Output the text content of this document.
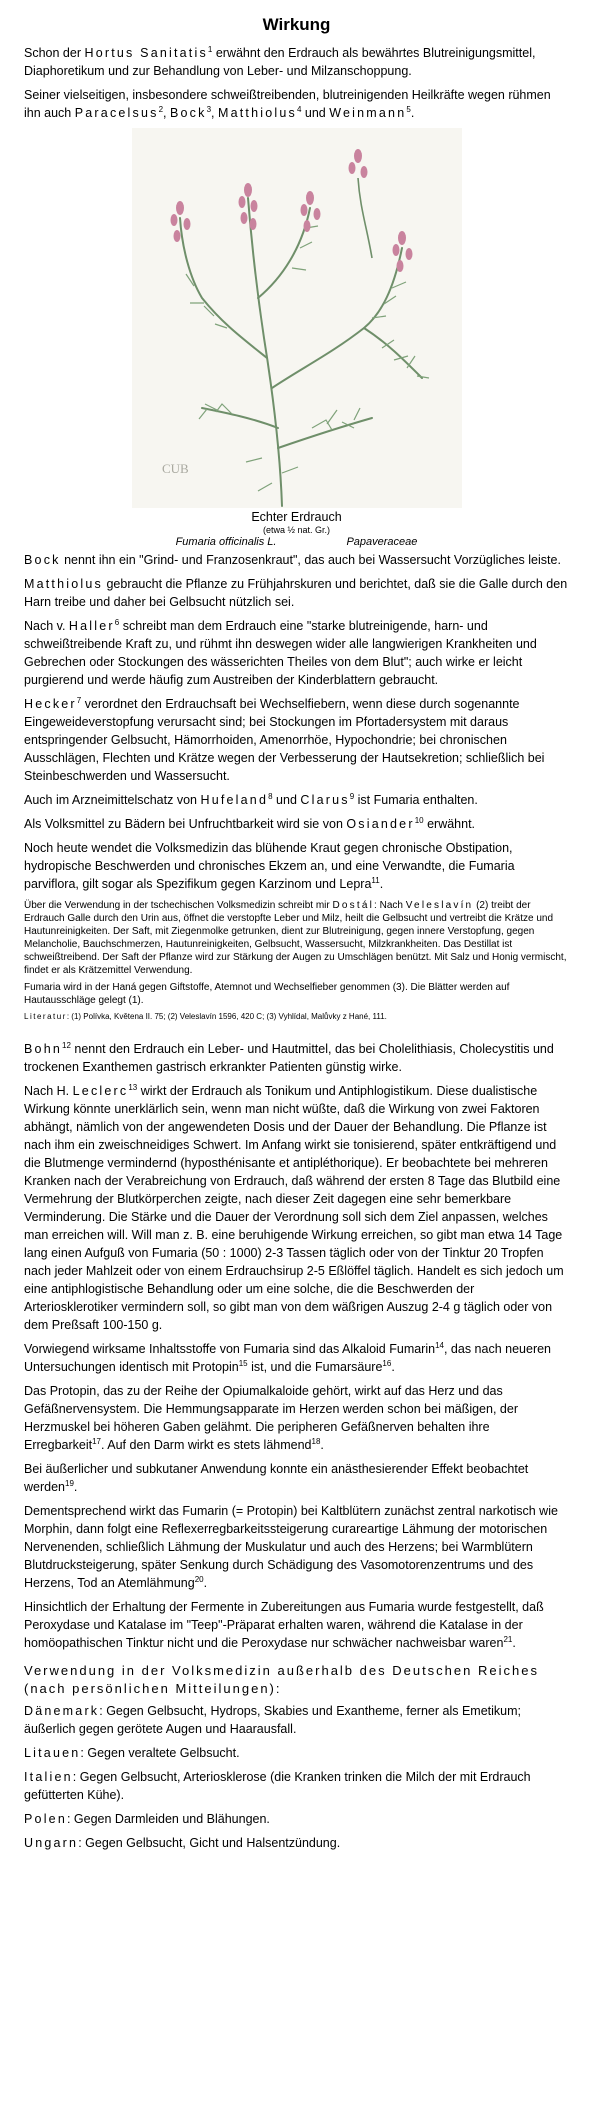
Wirkung

Schon der Hortus Sanitatis$^1$ erwähnt den Erdrauch als bewährtes Blutreinigungsmittel, Diaphoretikum und zur Behandlung von Leber- und Milzanschoppung.

Seiner vielseitigen, insbesondere schweißtreibenden, blutreinigenden Heilkräfte wegen rühmen ihn auch Paracelsus$^2$, Bock$^3$, Matthiolus$^4$ und Weinmann$^5$.

CUB
Echter Erdrauch
(etwa ½ nat. Gr.)
Fumaria officinalis L.	Papaveraceae

Bock nennt ihn ein "Grind- und Franzosenkraut", das auch bei Wassersucht Vorzügliches leiste.

Matthiolus gebraucht die Pflanze zu Frühjahrskuren und berichtet, daß sie die Galle durch den Harn treibe und daher bei Gelbsucht nützlich sei.

Nach v. Haller$^6$ schreibt man dem Erdrauch eine "starke blutreinigende, harn- und schweißtreibende Kraft zu, und rühmt ihn deswegen wider alle langwierigen Krankheiten und Gebrechen oder Stockungen des wässerichten Theiles von dem Blut"; auch wirke er leicht purgierend und werde häufig zum Austreiben der Kinderblattern gebraucht.

Hecker$^7$ verordnet den Erdrauchsaft bei Wechselfiebern, wenn diese durch sogenannte Eingeweideverstopfung verursacht sind; bei Stockungen im Pfortadersystem mit daraus entspringender Gelbsucht, Hämorrhoiden, Amenorrhöe, Hypochondrie; bei chronischen Ausschlägen, Flechten und Krätze wegen der Verbesserung der Hautsekretion; schließlich bei Steinbeschwerden und Wassersucht.

Auch im Arzneimittelschatz von Hufeland$^8$ und Clarus$^9$ ist Fumaria enthalten.

Als Volksmittel zu Bädern bei Unfruchtbarkeit wird sie von Osiander$^{10}$ erwähnt.

Noch heute wendet die Volksmedizin das blühende Kraut gegen chronische Obstipation, hydropische Beschwerden und chronisches Ekzem an, und eine Verwandte, die Fumaria parviflora, gilt sogar als Spezifikum gegen Karzinom und Lepra$^{11}$.

Über die Verwendung in der tschechischen Volksmedizin schreibt mir Dostál: Nach Veleslavín (2) treibt der Erdrauch Galle durch den Urin aus, öffnet die verstopfte Leber und Milz, heilt die Gelbsucht und vertreibt die Krätze und Hautunreinigkeiten. Der Saft, mit Ziegenmolke getrunken, dient zur Blutreinigung, gegen innere Verstopfung, gegen Melancholie, Bauchschmerzen, Hautunreinigkeiten, Gelbsucht, Wassersucht, Milzkrankheiten. Das Destillat ist schweißtreibend. Der Saft der Pflanze wird zur Stärkung der Augen zu Umschlägen benützt. Mit Salz und Honig vermischt, findet er als Krätzemittel Verwendung.

Fumaria wird in der Haná gegen Giftstoffe, Atemnot und Wechselfieber genommen (3). Die Blätter werden auf Hautausschläge gelegt (1).

Literatur: (1) Polívka, Květena II. 75; (2) Veleslavín 1596, 420 C; (3) Vyhlídal, Malůvky z Hané, 111.

Bohn$^{12}$ nennt den Erdrauch ein Leber- und Hautmittel, das bei Cholelithiasis, Cholecystitis und trockenen Exanthemen gastrisch erkrankter Patienten günstig wirke.

Nach H. Leclerc$^{13}$ wirkt der Erdrauch als Tonikum und Antiphlogistikum. Diese dualistische Wirkung könnte unerklärlich sein, wenn man nicht wüßte, daß die Wirkung von zwei Faktoren abhängt, nämlich von der angewendeten Dosis und der Dauer der Behandlung. Die Pflanze ist nach ihm ein zweischneidiges Schwert. Im Anfang wirkt sie tonisierend, später entkräftigend und die Blutmenge vermindernd (hyposthénisante et antipléthorique). Er beobachtete bei mehreren Kranken nach der Verabreichung von Erdrauch, daß während der ersten 8 Tage das Blutbild eine Vermehrung der Blutkörperchen zeigte, nach dieser Zeit dagegen eine sehr bemerkbare Verminderung. Die Stärke und die Dauer der Verordnung soll sich dem Ziel anpassen, welches man erreichen will. Will man z. B. eine beruhigende Wirkung erreichen, so gibt man etwa 14 Tage lang einen Aufguß von Fumaria (50 : 1000) 2-3 Tassen täglich oder von der Tinktur 20 Tropfen nach jeder Mahlzeit oder von einem Erdrauchsirup 2-5 Eßlöffel täglich. Handelt es sich jedoch um eine antiphlogistische Behandlung oder um eine solche, die die Beschwerden der Arteriosklerotiker vermindern soll, so gibt man von dem wäßrigen Auszug 2-4 g täglich oder von dem Preßsaft 100-150 g.

Vorwiegend wirksame Inhaltsstoffe von Fumaria sind das Alkaloid Fumarin$^{14}$, das nach neueren Untersuchungen identisch mit Protopin$^{15}$ ist, und die Fumarsäure$^{16}$.

Das Protopin, das zu der Reihe der Opiumalkaloide gehört, wirkt auf das Herz und das Gefäßnervensystem. Die Hemmungsapparate im Herzen werden schon bei mäßigen, der Herzmuskel bei höheren Gaben gelähmt. Die peripheren Gefäßnerven behalten ihre Erregbarkeit$^{17}$. Auf den Darm wirkt es stets lähmend$^{18}$.

Bei äußerlicher und subkutaner Anwendung konnte ein anästhesierender Effekt beobachtet werden$^{19}$.

Dementsprechend wirkt das Fumarin (= Protopin) bei Kaltblütern zunächst zentral narkotisch wie Morphin, dann folgt eine Reflexerregbarkeitssteigerung curareartige Lähmung der motorischen Nervenenden, schließlich Lähmung der Muskulatur und auch des Herzens; bei Warmblütern Blutdrucksteigerung, später Senkung durch Schädigung des Vasomotorenzentrums und des Herzens, Tod an Atemlähmung$^{20}$.

Hinsichtlich der Erhaltung der Fermente in Zubereitungen aus Fumaria wurde festgestellt, daß Peroxydase und Katalase im "Teep"-Präparat erhalten waren, während die Katalase in der homöopathischen Tinktur nicht und die Peroxydase nur schwächer nachweisbar waren$^{21}$.

Verwendung in der Volksmedizin außerhalb des Deutschen Reiches (nach persönlichen Mitteilungen):

Dänemark: Gegen Gelbsucht, Hydrops, Skabies und Exantheme, ferner als Emetikum; äußerlich gegen gerötete Augen und Haarausfall.

Litauen: Gegen veraltete Gelbsucht.

Italien: Gegen Gelbsucht, Arteriosklerose (die Kranken trinken die Milch der mit Erdrauch gefütterten Kühe).

Polen: Gegen Darmleiden und Blähungen.

Ungarn: Gegen Gelbsucht, Gicht und Halsentzündung.
